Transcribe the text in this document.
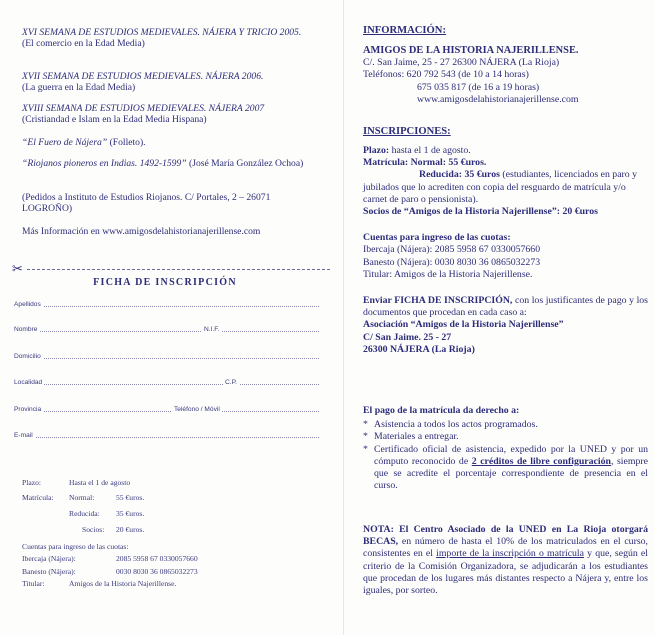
XVI SEMANA DE ESTUDIOS MEDIEVALES. NÁJERA Y TRICIO 2005.

(El comercio en la Edad Media)

XVII SEMANA DE ESTUDIOS MEDIEVALES. NÁJERA 2006.

(La guerra en la Edad Media)

XVIII SEMANA DE ESTUDIOS MEDIEVALES. NÁJERA 2007

(Cristiandad e Islam en la Edad Media Hispana)

“El Fuero de Nájera” (Folleto).
“Riojanos pioneros en Indias. 1492-1599” (José María González Ochoa)
(Pedidos a Instituto de Estudios Riojanos. C/ Portales, 2 – 26071 LOGROÑO)
Más Información en www.amigosdelahistorianajerillense.com
✂
FICHA DE INSCRIPCIÓN
Apellidos
Nombre	N.I.F.
Domicilio
Localidad	C.P.
Provincia	Teléfono / Móvil
E-mail
Plazo:	Hasta el 1 de agosto
Matrícula: Normal:	55 €uros.
Reducida: 35 €uros.
Socios: 20 €uros.
Cuentas para ingreso de las cuotas:
Ibercaja (Nájera):	2085 5958 67 0330057660
Banesto (Nájera):	0030 8030 36 0865032273
Titular:	Amigos de la Historia Najerillense.

INFORMACIÓN:

AMIGOS DE LA HISTORIA NAJERILLENSE.

C/. San Jaime, 25 - 27 26300 NÁJERA (La Rioja)

Teléfonos: 620 792 543 (de 10 a 14 horas)

675 035 817 (de 16 a 19 horas)

www.amigosdelahistorianajerillense.com

INSCRIPCIONES:

Plazo: hasta el 1 de agosto.

Matrícula: Normal: 55 €uros.

Reducida: 35 €uros (estudiantes, licenciados en paro y jubilados que lo acrediten con copia del resguardo de matrícula y/o carnet de paro o pensionista).

Socios de “Amigos de la Historia Najerillense”: 20 €uros

Cuentas para ingreso de las cuotas:

Ibercaja (Nájera): 2085 5958 67 0330057660

Banesto (Nájera): 0030 8030 36 0865032273

Titular: Amigos de la Historia Najerillense.

Enviar FICHA DE INSCRIPCIÓN, con los justificantes de pago y los documentos que procedan en cada caso a:

Asociación “Amigos de la Historia Najerillense”

C/ San Jaime. 25 - 27

26300 NÁJERA (La Rioja)

El pago de la matrícula da derecho a:

* Asistencia a todos los actos programados.
* Materiales a entregar.
* Certificado oficial de asistencia, expedido por la UNED y por un cómputo reconocido de 2 créditos de libre configuración, siempre que se acredite el porcentaje correspondiente de presencia en el curso.
NOTA: El Centro Asociado de la UNED en La Rioja otorgará BECAS, en número de hasta el 10% de los matriculados en el curso, consistentes en el importe de la inscripción o matrícula y que, según el criterio de la Comisión Organizadora, se adjudicarán a los estudiantes que procedan de los lugares más distantes respecto a Nájera y, entre los iguales, por sorteo.
